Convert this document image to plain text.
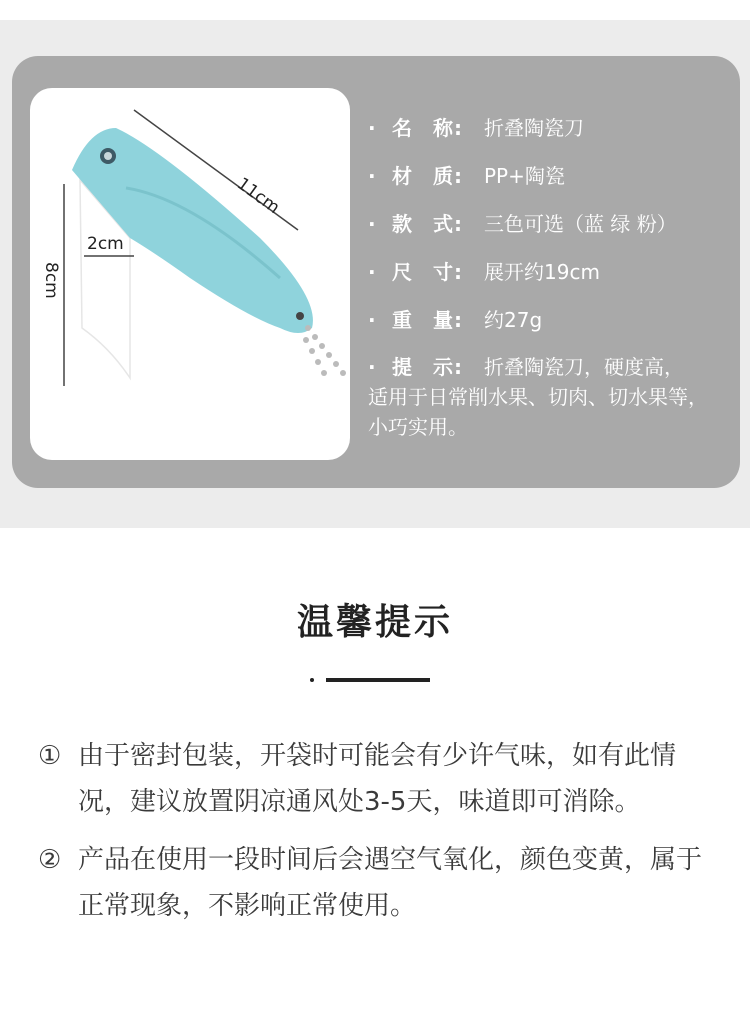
11cm
2cm
8cm
· 名 称:	折叠陶瓷刀
· 材 质:	PP+陶瓷
· 款 式:	三色可选（蓝 绿 粉）
· 尺 寸:	展开约19cm
· 重 量:	约27g
· 提 示:	折叠陶瓷刀，硬度高，
适用于日常削水果、切肉、切水果等，小巧实用。
温馨提示
① 由于密封包装，开袋时可能会有少许气味，如有此情况，建议放置阴凉通风处3-5天，味道即可消除。
② 产品在使用一段时间后会遇空气氧化，颜色变黄，属于正常现象，不影响正常使用。
